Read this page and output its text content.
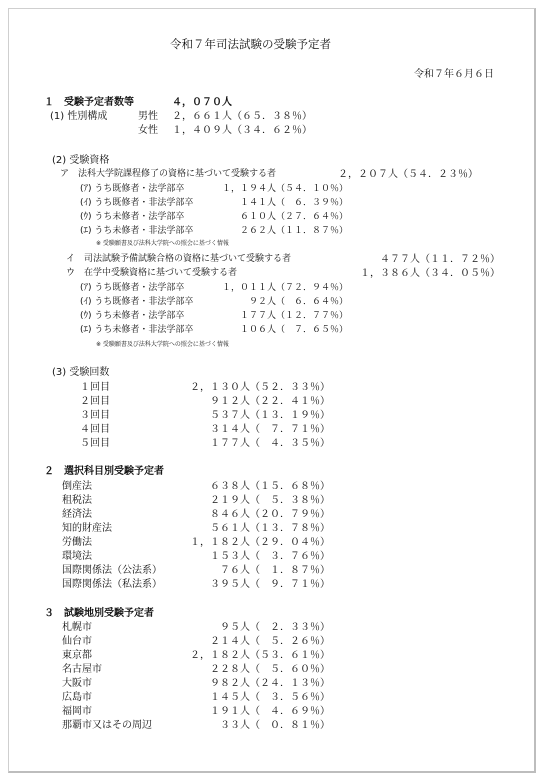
令和７年司法試験の受験予定者
令和７年６月６日
１　受験予定者数等	４，０７０人
(1) 性別構成	男性 ２，６６１人（６５．３８％）
女性 １，４０９人（３４．６２％）
(2) 受験資格
ア　法科大学院課程修了の資格に基づいて受験する者	２，２０７人（５４．２３％）
(ｱ) うち既修者・法学部卒	１，１９４人（５４．１０％）
(ｲ) うち既修者・非法学部卒	１４１人（　６．３９％）
(ｳ) うち未修者・法学部卒	６１０人（２７．６４％）
(ｴ) うち未修者・非法学部卒	２６２人（１１．８７％）
※ 受験願書及び法科大学院への照会に基づく情報
イ　司法試験予備試験合格の資格に基づいて受験する者	４７７人（１１．７２％）
ウ　在学中受験資格に基づいて受験する者	１，３８６人（３４．０５％）
(ｱ) うち既修者・法学部卒	１，０１１人（７２．９４％）
(ｲ) うち既修者・非法学部卒	９２人（　６．６４％）
(ｳ) うち未修者・法学部卒	１７７人（１２．７７％）
(ｴ) うち未修者・非法学部卒	１０６人（　７．６５％）
※ 受験願書及び法科大学院への照会に基づく情報
(3) 受験回数
１回目	２，１３０人（５２．３３％）
２回目	９１２人（２２．４１％）
３回目	５３７人（１３．１９％）
４回目	３１４人（　７．７１％）
５回目	１７７人（　４．３５％）
２　選択科目別受験予定者
倒産法	６３８人（１５．６８％）
租税法	２１９人（　５．３８％）
経済法	８４６人（２０．７９％）
知的財産法	５６１人（１３．７８％）
労働法	１，１８２人（２９．０４％）
環境法	１５３人（　３．７６％）
国際関係法（公法系）	７６人（　１．８７％）
国際関係法（私法系）	３９５人（　９．７１％）
３　試験地別受験予定者
札幌市	９５人（　２．３３％）
仙台市	２１４人（　５．２６％）
東京都	２，１８２人（５３．６１％）
名古屋市	２２８人（　５．６０％）
大阪市	９８２人（２４．１３％）
広島市	１４５人（　３．５６％）
福岡市	１９１人（　４．６９％）
那覇市又はその周辺	３３人（　０．８１％）
